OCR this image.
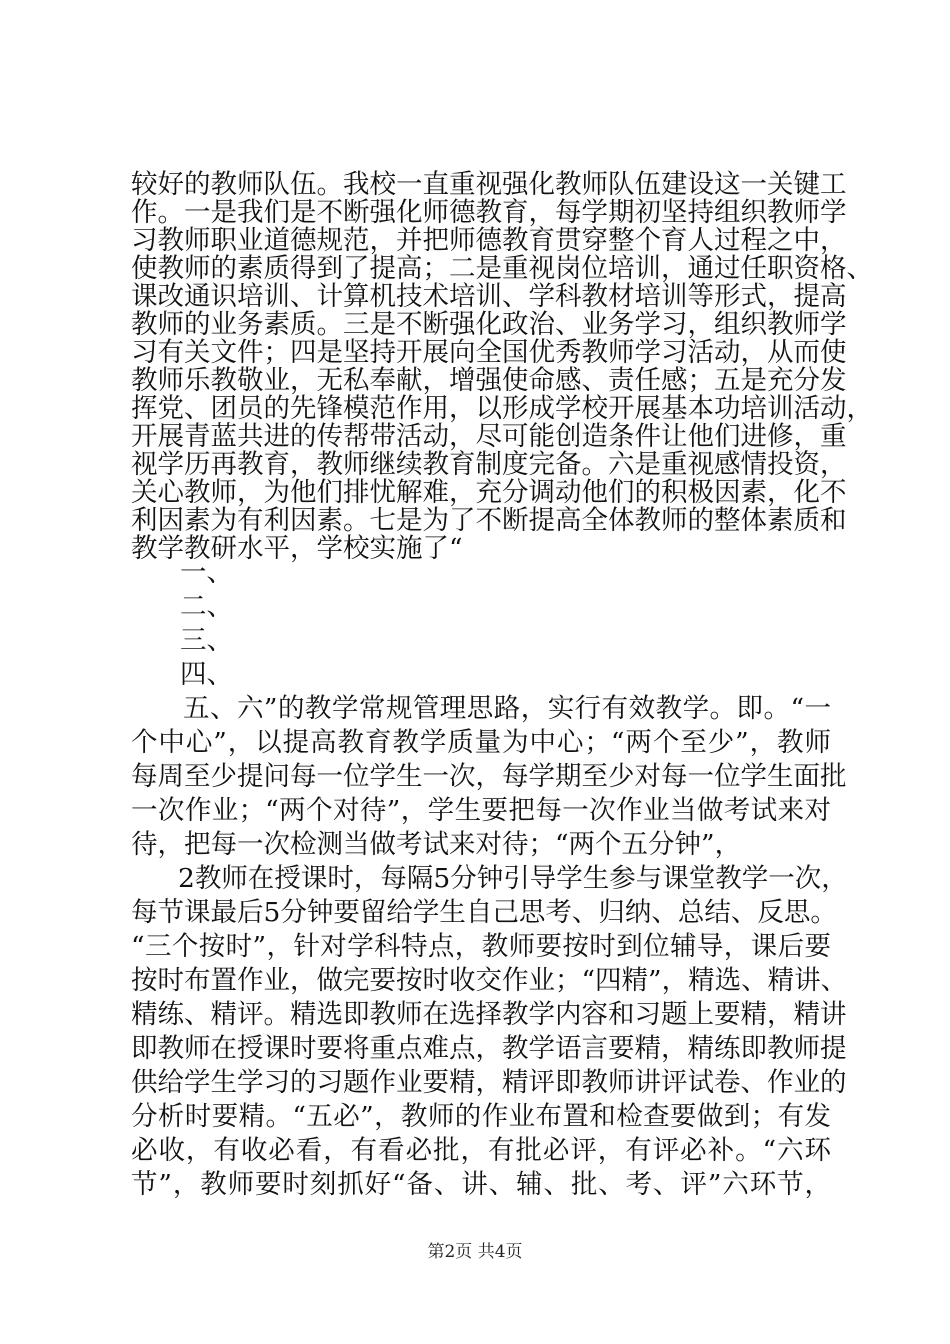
较好的教师队伍。我校一直重视强化教师队伍建设这一关键工
作。一是我们是不断强化师德教育，每学期初坚持组织教师学
习教师职业道德规范，并把师德教育贯穿整个育人过程之中，
使教师的素质得到了提高；二是重视岗位培训，通过任职资格、
课改通识培训、计算机技术培训、学科教材培训等形式，提高
教师的业务素质。三是不断强化政治、业务学习，组织教师学
习有关文件；四是坚持开展向全国优秀教师学习活动，从而使
教师乐教敬业，无私奉献，增强使命感、责任感；五是充分发
挥党、团员的先锋模范作用，以形成学校开展基本功培训活动，
开展青蓝共进的传帮带活动，尽可能创造条件让他们进修，重
视学历再教育，教师继续教育制度完备。六是重视感情投资，
关心教师，为他们排忧解难，充分调动他们的积极因素，化不
利因素为有利因素。七是为了不断提高全体教师的整体素质和
教学教研水平，学校实施了“
一、
二、
三、
四、
五、六”的教学常规管理思路，实行有效教学。即。“一
个中心”，以提高教育教学质量为中心；“两个至少”，教师
每周至少提问每一位学生一次，每学期至少对每一位学生面批
一次作业；“两个对待”，学生要把每一次作业当做考试来对
待，把每一次检测当做考试来对待；“两个五分钟”，
2教师在授课时，每隔5分钟引导学生参与课堂教学一次，
每节课最后5分钟要留给学生自己思考、归纳、总结、反思。
“三个按时”，针对学科特点，教师要按时到位辅导，课后要
按时布置作业，做完要按时收交作业；“四精”，精选、精讲、
精练、精评。精选即教师在选择教学内容和习题上要精，精讲
即教师在授课时要将重点难点，教学语言要精，精练即教师提
供给学生学习的习题作业要精，精评即教师讲评试卷、作业的
分析时要精。“五必”，教师的作业布置和检查要做到；有发
必收，有收必看，有看必批，有批必评，有评必补。“六环
节”，教师要时刻抓好“备、讲、辅、批、考、评”六环节，
第2页 共4页
